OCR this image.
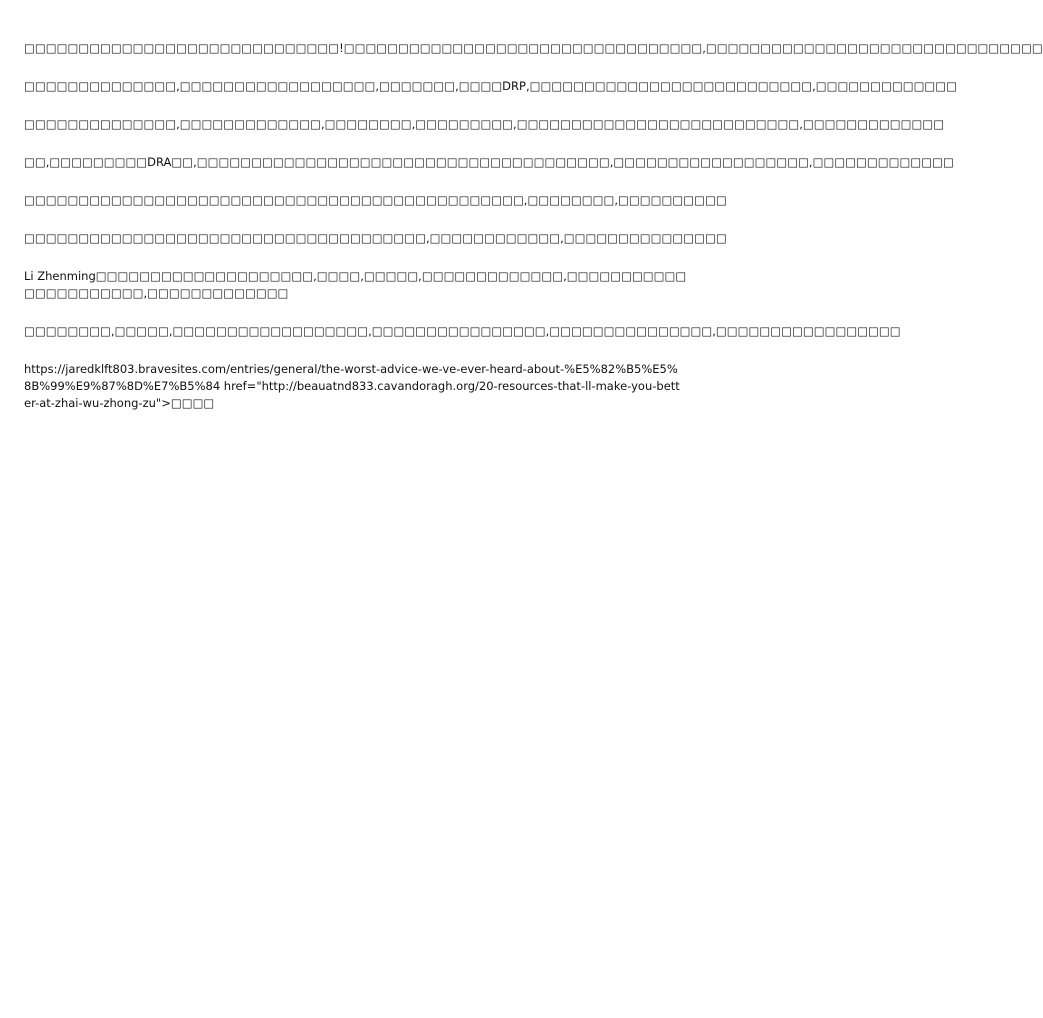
□□□□□□□□□□□□□□□□□□□□□□□□□□□□□!□□□□□□□□□□□□□□□□□□□□□□□□□□□□□□□□□,□□□□□□□□□□□□□□□□□□□□□□□□□□□□□□□

□□□□□□□□□□□□□□,□□□□□□□□□□□□□□□□□□,□□□□□□□,□□□□DRP,□□□□□□□□□□□□□□□□□□□□□□□□□□,□□□□□□□□□□□□□

□□□□□□□□□□□□□□,□□□□□□□□□□□□□,□□□□□□□□,□□□□□□□□□,□□□□□□□□□□□□□□□□□□□□□□□□□□,□□□□□□□□□□□□□

□□,□□□□□□□□□DRA□□,□□□□□□□□□□□□□□□□□□□□□□□□□□□□□□□□□□□□□□,□□□□□□□□□□□□□□□□□□,□□□□□□□□□□□□□

□□□□□□□□□□□□□□□□□□□□□□□□□□□□□□□□□□□□□□□□□□□□□□,□□□□□□□□,□□□□□□□□□□

□□□□□□□□□□□□□□□□□□□□□□□□□□□□□□□□□□□□□,□□□□□□□□□□□□,□□□□□□□□□□□□□□□

Li Zhenming□□□□□□□□□□□□□□□□□□□□,□□□□,□□□□□,□□□□□□□□□□□□□,□□□□□□□□□□□□□□□□□□□□□□,□□□□□□□□□□□□□

□□□□□□□□,□□□□□,□□□□□□□□□□□□□□□□□□,□□□□□□□□□□□□□□□□,□□□□□□□□□□□□□□□,□□□□□□□□□□□□□□□□□

https://jaredklft803.bravesites.com/entries/general/the-worst-advice-we-ve-ever-heard-about-%E5%82%B5%E5%8B%99%E9%87%8D%E7%B5%84 href="http://beauatnd833.cavandoragh.org/20-resources-that-ll-make-you-better-at-zhai-wu-zhong-zu">□□□□
